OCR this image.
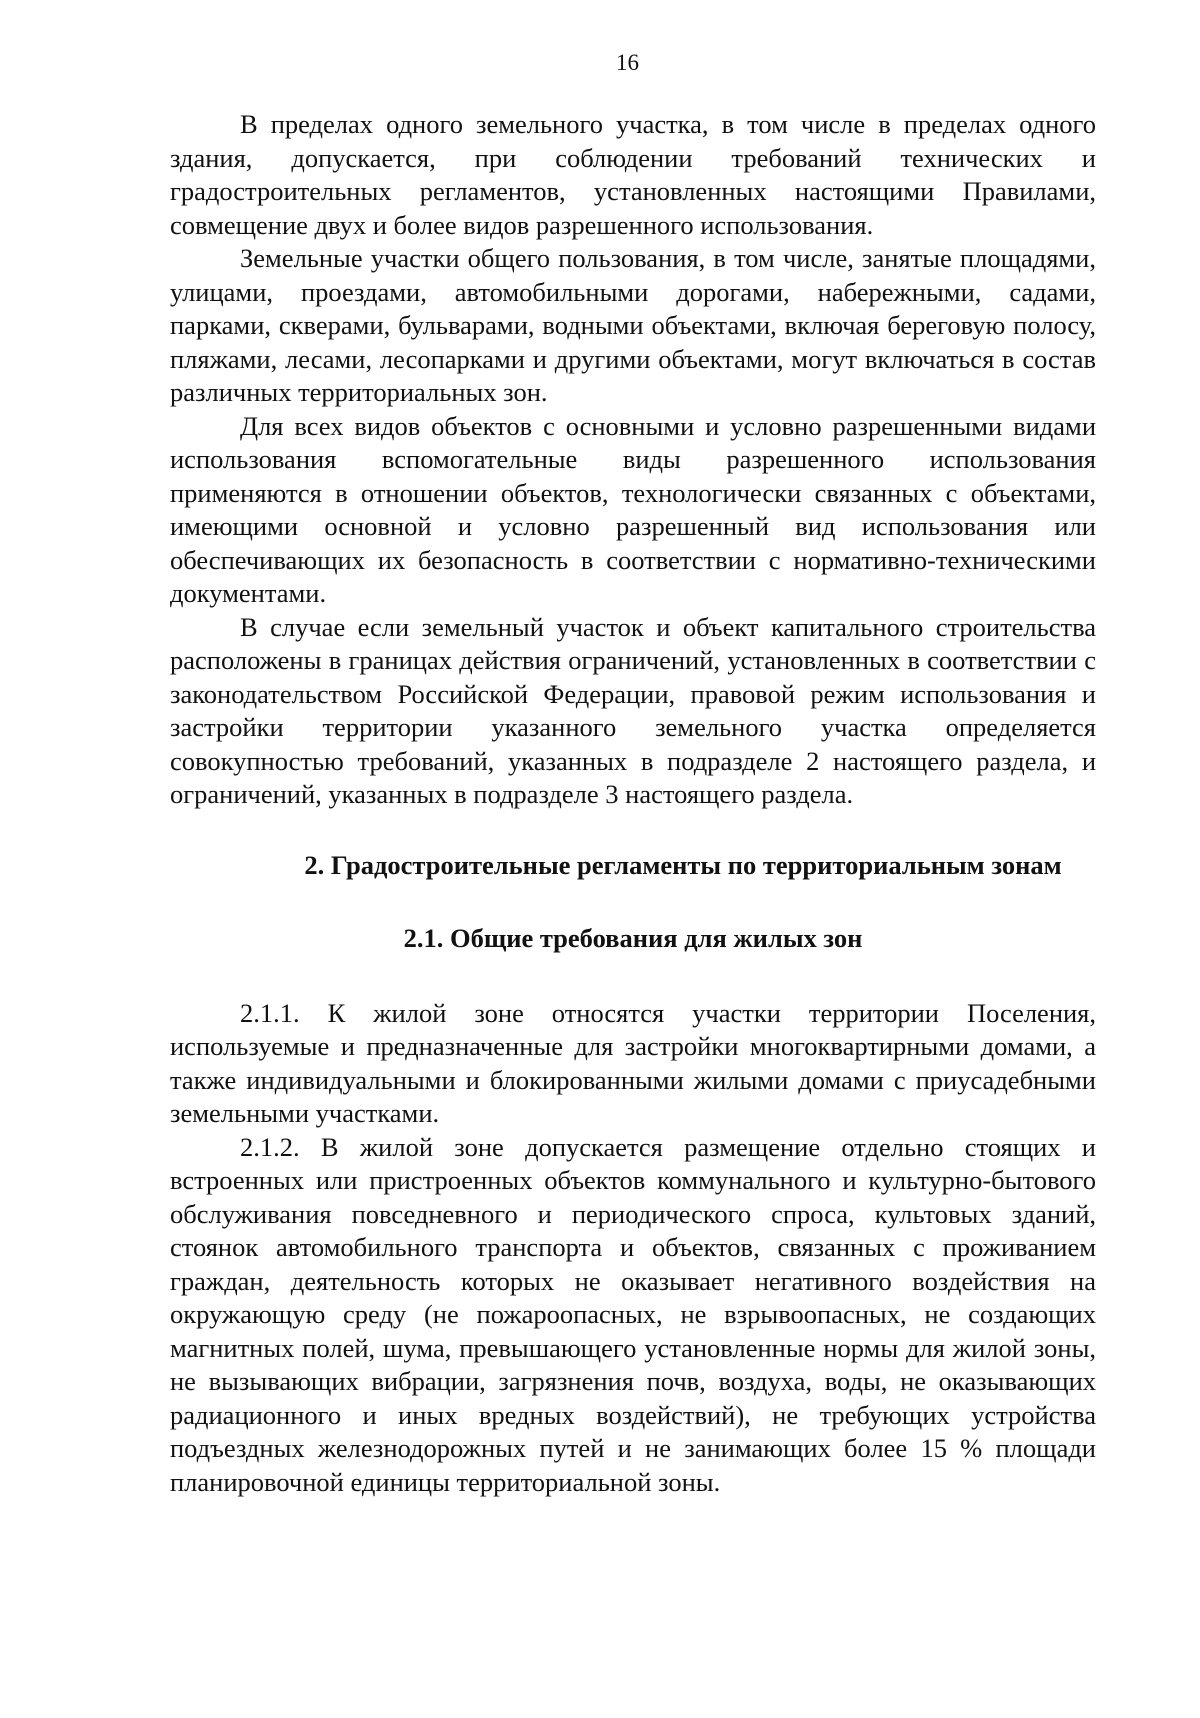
16

В пределах одного земельного участка, в том числе в пределах одного здания, допускается, при соблюдении требований технических и градостроительных регламентов, установленных настоящими Правилами, совмещение двух и более видов разрешенного использования.

Земельные участки общего пользования, в том числе, занятые площадями, улицами, проездами, автомобильными дорогами, набережными, садами, парками, скверами, бульварами, водными объектами, включая береговую полосу, пляжами, лесами, лесопарками и другими объектами, могут включаться в состав различных территориальных зон.

Для всех видов объектов с основными и условно разрешенными видами использования вспомогательные виды разрешенного использования применяются в отношении объектов, технологически связанных с объектами, имеющими основной и условно разрешенный вид использования или обеспечивающих их безопасность в соответствии с нормативно-техническими документами.

В случае если земельный участок и объект капитального строительства расположены в границах действия ограничений, установленных в соответствии с законодательством Российской Федерации, правовой режим использования и застройки территории указанного земельного участка определяется совокупностью требований, указанных в подразделе 2 настоящего раздела, и ограничений, указанных в подразделе 3 настоящего раздела.

2. Градостроительные регламенты по территориальным зонам
2.1. Общие требования для жилых зон

2.1.1. К жилой зоне относятся участки территории Поселения, используемые и предназначенные для застройки многоквартирными домами, а также индивидуальными и блокированными жилыми домами с приусадебными земельными участками.

2.1.2. В жилой зоне допускается размещение отдельно стоящих и встроенных или пристроенных объектов коммунального и культурно-бытового обслуживания повседневного и периодического спроса, культовых зданий, стоянок автомобильного транспорта и объектов, связанных с проживанием граждан, деятельность которых не оказывает негативного воздействия на окружающую среду (не пожароопасных, не взрывоопасных, не создающих магнитных полей, шума, превышающего установленные нормы для жилой зоны, не вызывающих вибрации, загрязнения почв, воздуха, воды, не оказывающих радиационного и иных вредных воздействий), не требующих устройства подъездных железнодорожных путей и не занимающих более 15 % площади планировочной единицы территориальной зоны.
